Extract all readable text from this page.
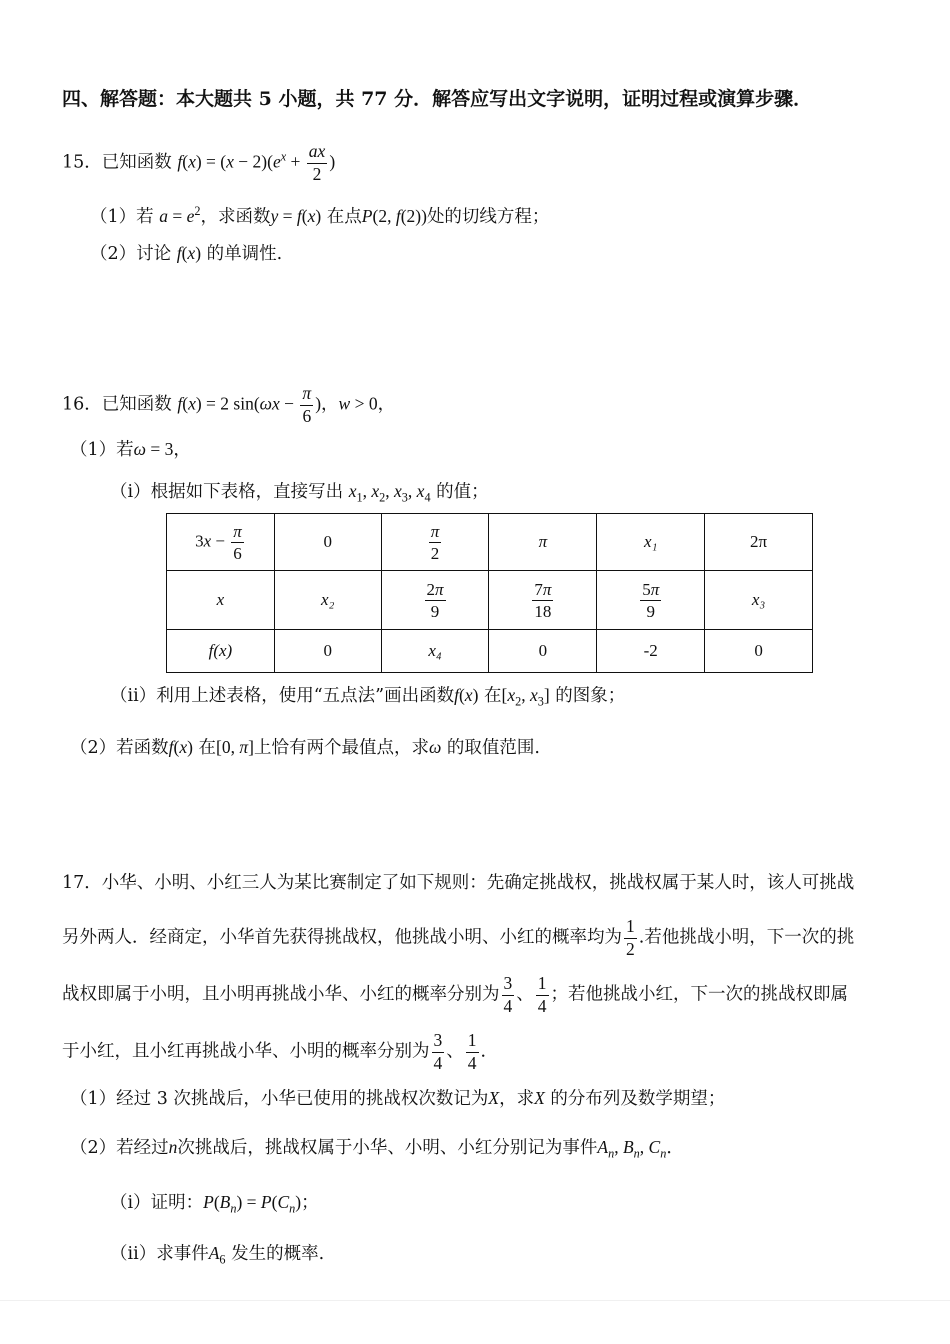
四、解答题：本大题共 5 小题，共 77 分．解答应写出文字说明，证明过程或演算步骤．
15．已知函数 $f(x) = (x - 2)(e^x + \frac{ax}{2}$ )
（1）若 $a = e^2$，求函数y = f(x) 在点P(2, f(2))处的切线方程；
（2）讨论 f(x) 的单调性.
16．已知函数 f(x) = 2 $\sin(\omega x - \frac{\pi}{6}$ )，w > 0，
（1）若ω = 3，
（i）根据如下表格，直接写出 $x_1$, $x_2$, $x_3$, $x_4$ 的值；
$3x - \frac{\pi}{6}$	0	$\frac{\pi}{2}$	π	x₁	2π
x	x₂	$\frac{2\pi}{9}$	$\frac{7\pi}{18}$	$\frac{5\pi}{9}$	x₃
f(x)	0	x₄	0	-2	0
（ii）利用上述表格，使用“五点法”画出函数f(x) 在[$x_2$, $x_3$] 的图象；
（2）若函数f(x) 在[0, π]上恰有两个最值点，求ω 的取值范围.
17．小华、小明、小红三人为某比赛制定了如下规则：先确定挑战权，挑战权属于某人时，该人可挑战
另外两人．经商定，小华首先获得挑战权，他挑战小明、小红的概率均为 $\frac{1}{2}$ .若他挑战小明，下一次的挑
战权即属于小明，且小明再挑战小华、小红的概率分别为 $\frac{3}{4}$ 、 $\frac{1}{4}$ ；若他挑战小红，下一次的挑战权即属
于小红，且小红再挑战小华、小明的概率分别为 $\frac{3}{4}$ 、 $\frac{1}{4}$ ．
（1）经过 3 次挑战后，小华已使用的挑战权次数记为X，求X 的分布列及数学期望；
（2）若经过n次挑战后，挑战权属于小华、小明、小红分别记为事件$A_n$, $B_n$, $C_n$．
（i）证明：$P(B_n) = P(C_n)$；
（ii）求事件$A_6$ 发生的概率.
